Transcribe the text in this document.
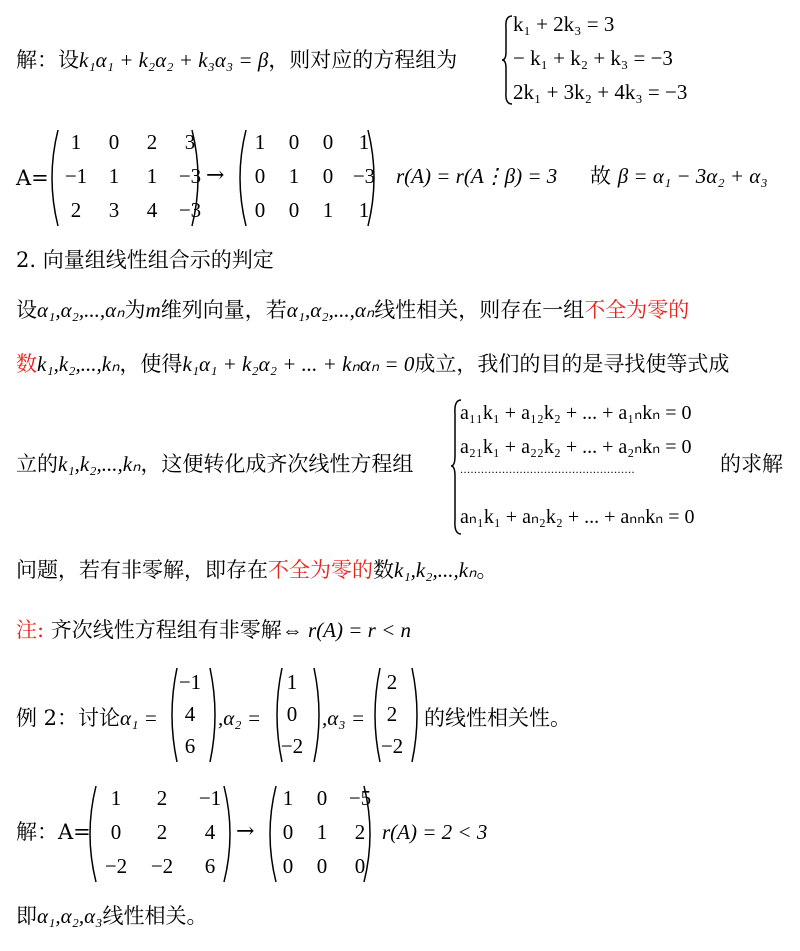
解：设k₁α₁ + k₂α₂ + k₃α₃ = β，则对应的方程组为
k₁ + 2k₃ = 3
− k₁ + k₂ + k₃ = −3
2k₁ + 3k₂ + 4k₃ = −3
A=
1	0	2	3
−1	1	1	−3
2	3	4	−3
→
1	0	0	1
0	1	0 −3
0	0	1	1
r(A) = r(A⋮β) = 3 故 β = α₁ − 3α₂ + α₃
2. 向量组线性组合示的判定
设α₁,α₂,...,αₙ为m维列向量，若α₁,α₂,...,αₙ线性相关，则存在一组不全为零的
数k₁,k₂,...,kₙ，使得k₁α₁ + k₂α₂ + ... + kₙαₙ = 0成立，我们的目的是寻找使等式成
立的k₁,k₂,...,kₙ，这便转化成齐次线性方程组	的求解
a₁₁k₁ + a₁₂k₂ + ... + a₁ₙkₙ = 0
a₂₁k₁ + a₂₂k₂ + ... + a₂ₙkₙ = 0
..................................................
aₙ₁k₁ + aₙ₂k₂ + ... + aₙₙkₙ = 0
问题，若有非零解，即存在不全为零的数k₁,k₂,...,kₙ。
注: 齐次线性方程组有非零解⇔ r(A) = r < n
例 2：讨论α₁ =
−1
4
6
,α₂ =
1
0
−2
,α₃ =
2
2
−2
的线性相关性。
解：A=
1	2	−1
0	2	4
−2	−2	6
→
1	0	−5
0	1	2
0	0	0
r(A) = 2 < 3
即α₁,α₂,α₃线性相关。
